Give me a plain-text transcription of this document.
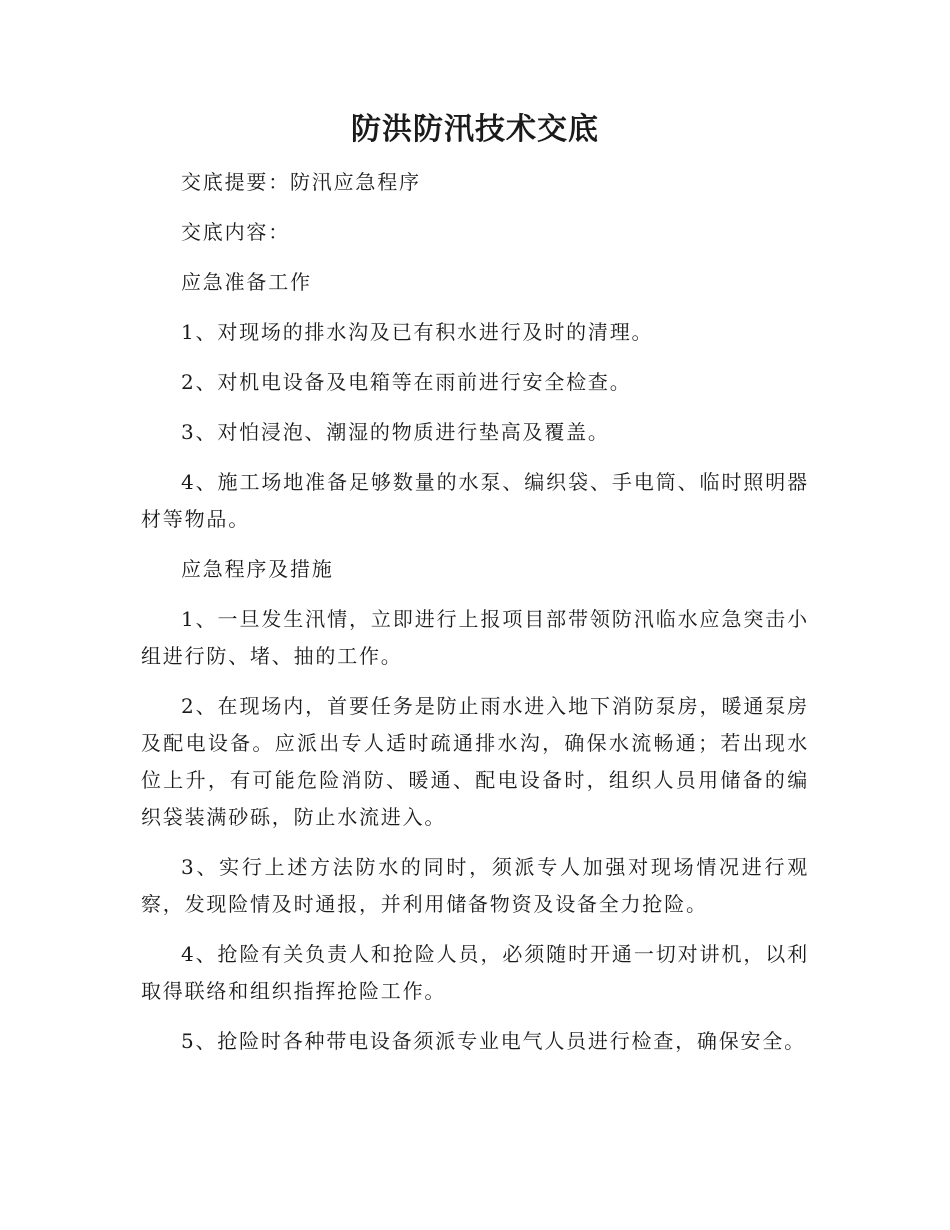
防洪防汛技术交底

交底提要：防汛应急程序

交底内容：

应急准备工作

1、对现场的排水沟及已有积水进行及时的清理。

2、对机电设备及电箱等在雨前进行安全检查。

3、对怕浸泡、潮湿的物质进行垫高及覆盖。

4、施工场地准备足够数量的水泵、编织袋、手电筒、临时照明器材等物品。

应急程序及措施

1、一旦发生汛情，立即进行上报项目部带领防汛临水应急突击小组进行防、堵、抽的工作。

2、在现场内，首要任务是防止雨水进入地下消防泵房，暖通泵房及配电设备。应派出专人适时疏通排水沟，确保水流畅通；若出现水位上升，有可能危险消防、暖通、配电设备时，组织人员用储备的编织袋装满砂砾，防止水流进入。

3、实行上述方法防水的同时，须派专人加强对现场情况进行观察，发现险情及时通报，并利用储备物资及设备全力抢险。

4、抢险有关负责人和抢险人员，必须随时开通一切对讲机，以利取得联络和组织指挥抢险工作。

5、抢险时各种带电设备须派专业电气人员进行检查，确保安全。
